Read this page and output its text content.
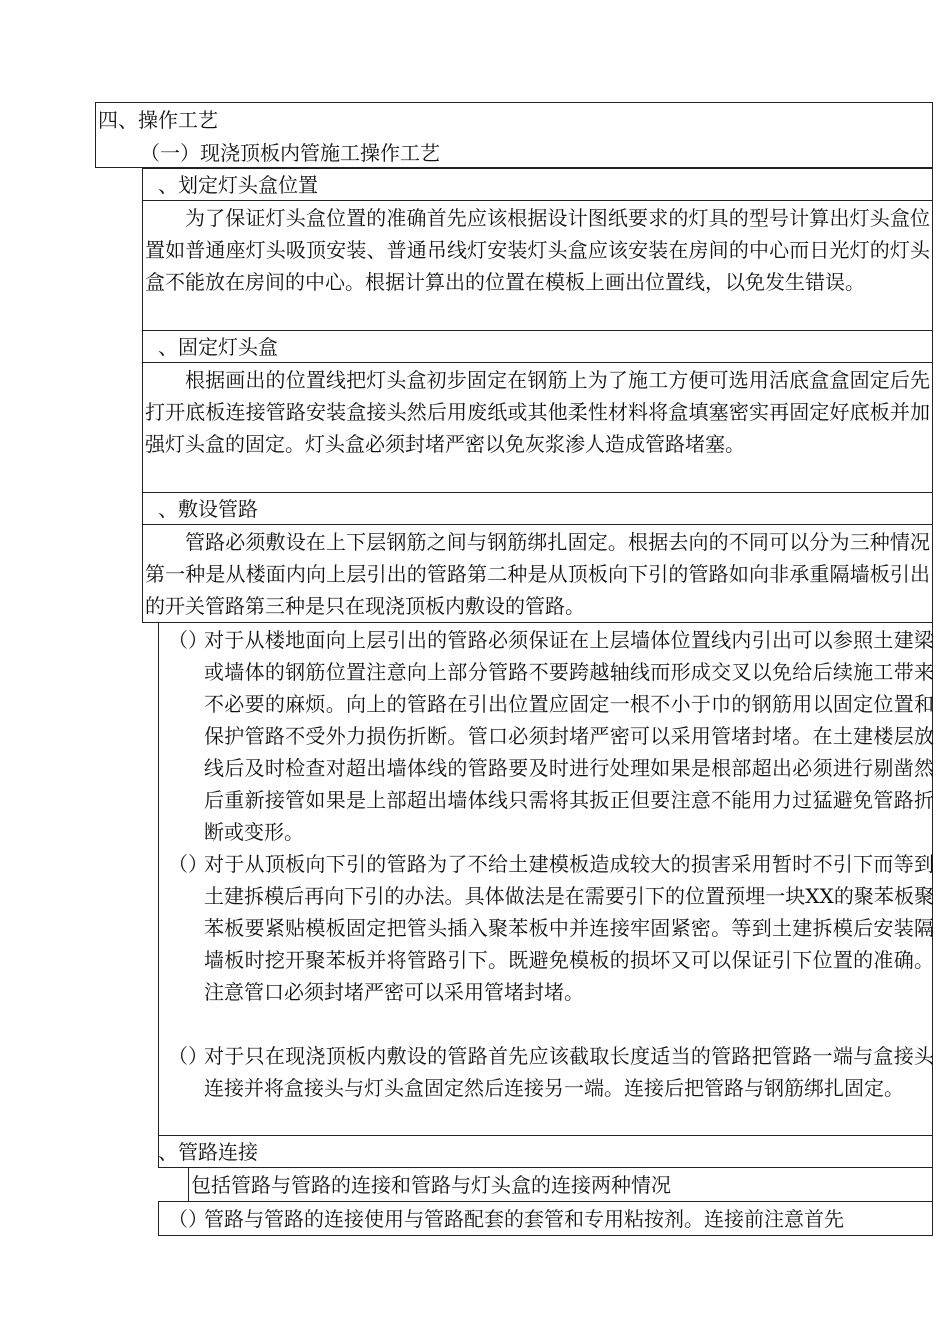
四、操作工艺
（一）现浇顶板内管施工操作工艺
、划定灯头盒位置

为了保证灯头盒位置的准确首先应该根据设计图纸要求的灯具的型号计算出灯头盒位置如普通座灯头吸顶安装、普通吊线灯安装灯头盒应该安装在房间的中心而日光灯的灯头盒不能放在房间的中心。根据计算出的位置在模板上画出位置线，以免发生错误。

、固定灯头盒

根据画出的位置线把灯头盒初步固定在钢筋上为了施工方便可选用活底盒盒固定后先打开底板连接管路安装盒接头然后用废纸或其他柔性材料将盒填塞密实再固定好底板并加强灯头盒的固定。灯头盒必须封堵严密以免灰浆渗人造成管路堵塞。

、敷设管路

管路必须敷设在上下层钢筋之间与钢筋绑扎固定。根据去向的不同可以分为三种情况第一种是从楼面内向上层引出的管路第二种是从顶板向下引的管路如向非承重隔墙板引出的开关管路第三种是只在现浇顶板内敷设的管路。

（）
对于从楼地面向上层引出的管路必须保证在上层墙体位置线内引出可以参照土建梁或墙体的钢筋位置注意向上部分管路不要跨越轴线而形成交叉以免给后续施工带来不必要的麻烦。向上的管路在引出位置应固定一根不小于巾的钢筋用以固定位置和保护管路不受外力损伤折断。管口必须封堵严密可以采用管堵封堵。在土建楼层放线后及时检查对超出墙体线的管路要及时进行处理如果是根部超出必须进行剔凿然后重新接管如果是上部超出墙体线只需将其扳正但要注意不能用力过猛避免管路折断或变形。
（）
对于从顶板向下引的管路为了不给土建模板造成较大的损害采用暂时不引下而等到土建拆模后再向下引的办法。具体做法是在需要引下的位置预埋一块XX的聚苯板聚苯板要紧贴模板固定把管头插入聚苯板中并连接牢固紧密。等到土建拆模后安装隔墙板时挖开聚苯板并将管路引下。既避免模板的损坏又可以保证引下位置的准确。注意管口必须封堵严密可以采用管堵封堵。
（）
对于只在现浇顶板内敷设的管路首先应该截取长度适当的管路把管路一端与盒接头连接并将盒接头与灯头盒固定然后连接另一端。连接后把管路与钢筋绑扎固定。
、管路连接
包括管路与管路的连接和管路与灯头盒的连接两种情况
（）
管路与管路的连接使用与管路配套的套管和专用粘按剂。连接前注意首先
